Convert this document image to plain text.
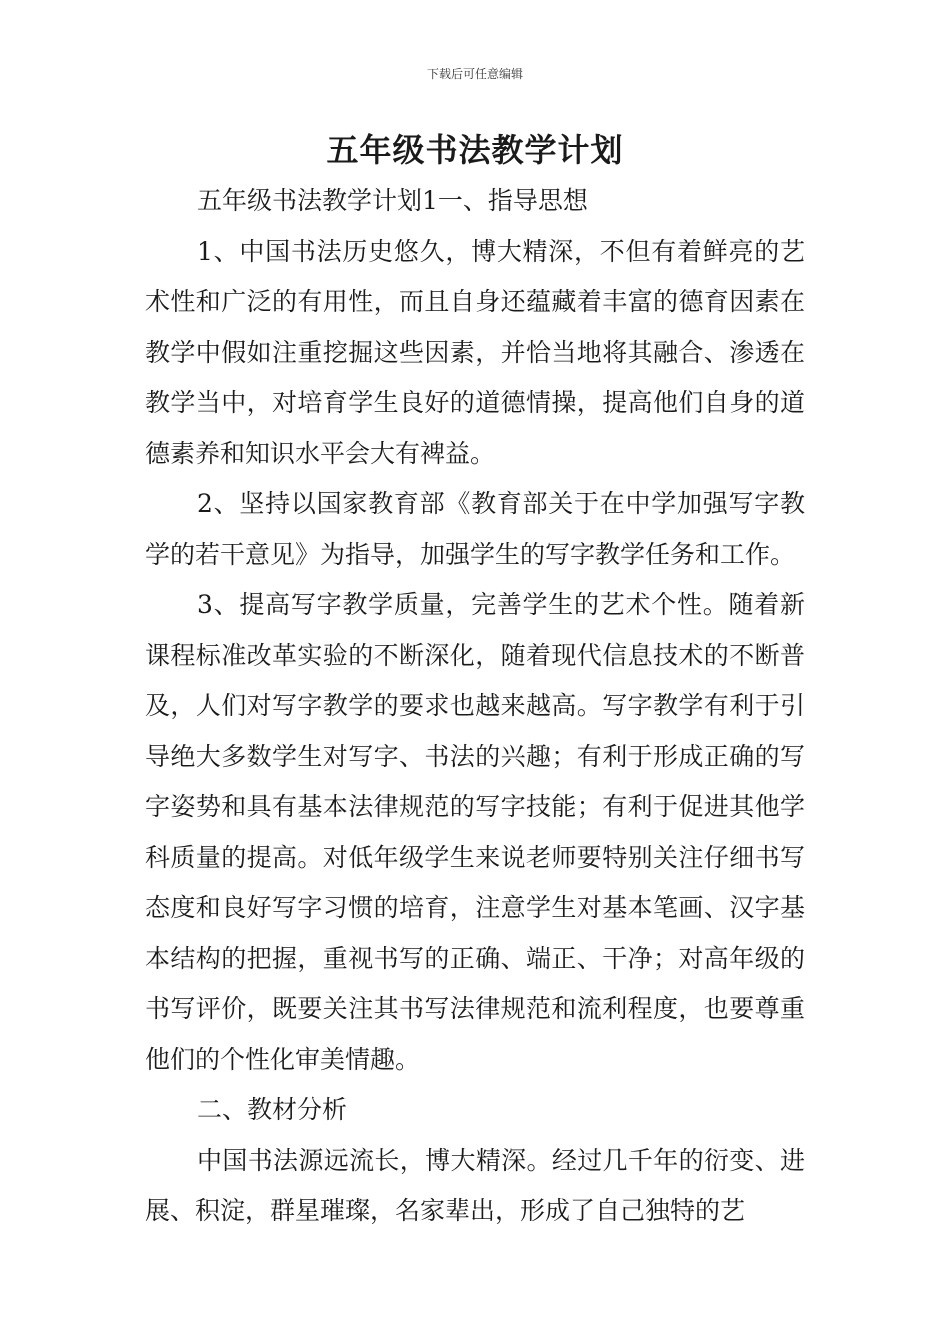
下载后可任意编辑
五年级书法教学计划

五年级书法教学计划1一、指导思想

1、中国书法历史悠久，博大精深，不但有着鲜亮的艺术性和广泛的有用性，而且自身还蕴藏着丰富的德育因素在教学中假如注重挖掘这些因素，并恰当地将其融合、渗透在教学当中，对培育学生良好的道德情操，提高他们自身的道德素养和知识水平会大有裨益。

2、坚持以国家教育部《教育部关于在中学加强写字教学的若干意见》为指导，加强学生的写字教学任务和工作。

3、提高写字教学质量，完善学生的艺术个性。随着新课程标准改革实验的不断深化，随着现代信息技术的不断普及，人们对写字教学的要求也越来越高。写字教学有利于引导绝大多数学生对写字、书法的兴趣；有利于形成正确的写字姿势和具有基本法律规范的写字技能；有利于促进其他学科质量的提高。对低年级学生来说老师要特别关注仔细书写态度和良好写字习惯的培育，注意学生对基本笔画、汉字基本结构的把握，重视书写的正确、端正、干净；对高年级的书写评价，既要关注其书写法律规范和流利程度，也要尊重他们的个性化审美情趣。

二、教材分析

中国书法源远流长，博大精深。经过几千年的衍变、进展、积淀，群星璀璨，名家辈出，形成了自己独特的艺
